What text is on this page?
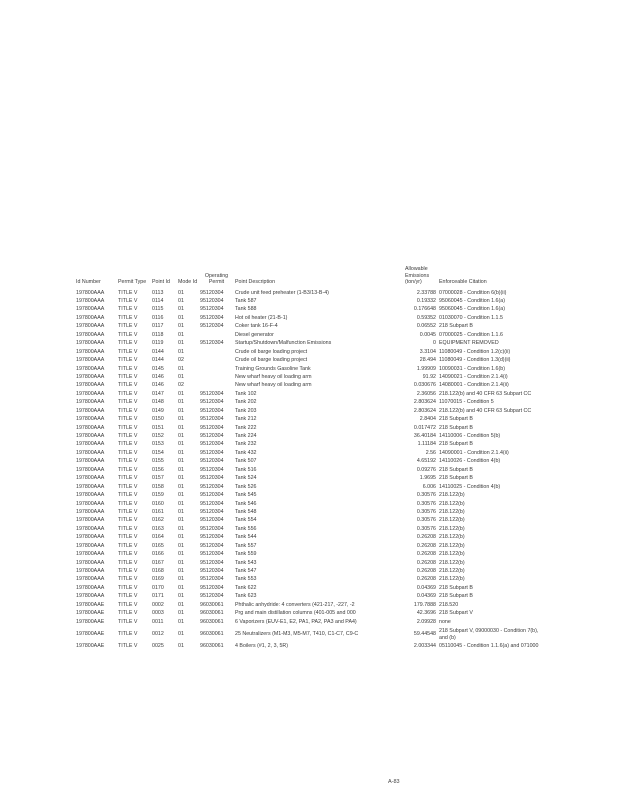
Id Number	Permit Type	Point Id	Mode Id	Operating Permit	Point Description	Allowable Emissions (ton/yr)	Enforceable Citation
197800AAA	TITLE V	0113	01	95120304	Crude unit feed preheater (1-B3/13-B-4)	2.33788	07000028 - Condition 6(b)(ii)
197800AAA	TITLE V	0114	01	95120304	Tank 587	0.19332	95060045 - Condition 1.6(a)
197800AAA	TITLE V	0115	01	95120304	Tank 588	0.176648	95060045 - Condition 1.6(a)
197800AAA	TITLE V	0116	01	95120304	Hot oil heater (21-B-1)	0.59352	01030070 - Condition 1.1.5
197800AAA	TITLE V	0117	01	95120304	Coker tank 16-F-4	0.06552	218 Subpart B
197800AAA	TITLE V	0118	01		Diesel generator	0.0045	07000025 - Condition 1.1.6
197800AAA	TITLE V	0119	01	95120304	Startup/Shutdown/Malfunction Emissions	0	EQUIPMENT REMOVED
197800AAA	TITLE V	0144	01		Crude oil barge loading project	3.3104	11080049 - Condition 1.2(c)(ii)
197800AAA	TITLE V	0144	02		Crude oil barge loading project	28.494	11080049 - Condition 1.3(d)(ii)
197800AAA	TITLE V	0145	01		Training Grounds Gasoline Tank	1.99909	10090031 - Condition 1.6(b)
197800AAA	TITLE V	0146	01		New wharf heavy oil loading arm	91.92	14090021 - Condition 2.1.4(i)
197800AAA	TITLE V	0146	02		New wharf heavy oil loading arm	0.030676	14080001 - Condition 2.1.4(ii)
197800AAA	TITLE V	0147	01	95120304	Tank 102	2.36056	218.122(b) and 40 CFR 63 Subpart CC
197800AAA	TITLE V	0148	01	95120304	Tank 202	2.803624	11070015 - Condition 5
197800AAA	TITLE V	0149	01	95120304	Tank 203	2.803624	218.122(b) and 40 CFR 63 Subpart CC
197800AAA	TITLE V	0150	01	95120304	Tank 212	2.8404	218 Subpart B
197800AAA	TITLE V	0151	01	95120304	Tank 222	0.017472	218 Subpart B
197800AAA	TITLE V	0152	01	95120304	Tank 224	36.40184	14110006 - Condition 5(b)
197800AAA	TITLE V	0153	01	95120304	Tank 232	1.11184	218 Subpart B
197800AAA	TITLE V	0154	01	95120304	Tank 432	2.56	14090001 - Condition 2.1.4(ii)
197800AAA	TITLE V	0155	01	95120304	Tank 507	4.65192	14110026 - Condition 4(b)
197800AAA	TITLE V	0156	01	95120304	Tank 516	0.09276	218 Subpart B
197800AAA	TITLE V	0157	01	95120304	Tank 524	1.9695	218 Subpart B
197800AAA	TITLE V	0158	01	95120304	Tank 526	6.006	14110025 - Condition 4(b)
197800AAA	TITLE V	0159	01	95120304	Tank 545	0.30576	218.122(b)
197800AAA	TITLE V	0160	01	95120304	Tank 546	0.30576	218.122(b)
197800AAA	TITLE V	0161	01	95120304	Tank 548	0.30576	218.122(b)
197800AAA	TITLE V	0162	01	95120304	Tank 554	0.30576	218.122(b)
197800AAA	TITLE V	0163	01	95120304	Tank 556	0.30576	218.122(b)
197800AAA	TITLE V	0164	01	95120304	Tank 544	0.26208	218.122(b)
197800AAA	TITLE V	0165	01	95120304	Tank 557	0.26208	218.122(b)
197800AAA	TITLE V	0166	01	95120304	Tank 559	0.26208	218.122(b)
197800AAA	TITLE V	0167	01	95120304	Tank 543	0.26208	218.122(b)
197800AAA	TITLE V	0168	01	95120304	Tank 547	0.26208	218.122(b)
197800AAA	TITLE V	0169	01	95120304	Tank 553	0.26208	218.122(b)
197800AAA	TITLE V	0170	01	95120304	Tank 622	0.04369	218 Subpart B
197800AAA	TITLE V	0171	01	95120304	Tank 623	0.04369	218 Subpart B
197800AAE	TITLE V	0002	01	96030061	Phthalic anhydride: 4 converters (421-217, -227, -2	179.7888	218.520
197800AAE	TITLE V	0003	01	96030061	Prg and main distillation columns (401-005 and 000	42.3696	218 Subpart V
197800AAE	TITLE V	0011	01	96030061	6 Vaporizers (EUV-E1, E2, PA1, PA2, PA3 and PA4)	2.09928	none
197800AAE	TITLE V	0012	01	96030061	25 Neutralizers (M1-M3, M5-M7, T410, C1-C7, C9-C	59.44548	218 Subpart V, 09000030 - Condition 7(b), and (b)
197800AAE	TITLE V	0025	01	96030061	4 Boilers (#1, 2, 3, 5R)	2.003344	05110045 - Condition 1.1.6(a) and 071000
A-83
